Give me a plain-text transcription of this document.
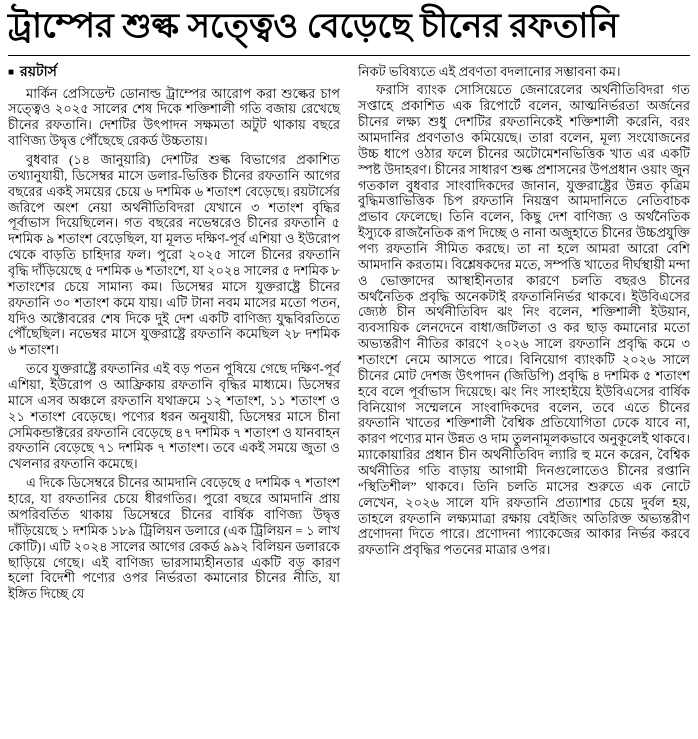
ট্রাম্পের শুল্ক সত্ত্বেও বেড়েছে চীনের রফতানি
■ রয়টার্স

মার্কিন প্রেসিডেন্ট ডোনাল্ড ট্রাম্পের আরোপ করা শুল্কের চাপ সত্ত্বেও ২০২৫ সালের শেষ দিকে শক্তিশালী গতি বজায় রেখেছে চীনের রফতানি। দেশটির উৎপাদন সক্ষমতা অটুট থাকায় বছরে বাণিজ্য উদ্বৃত্ত পৌঁছেছে রেকর্ড উচ্চতায়।

বুধবার (১৪ জানুয়ারি) দেশটির শুল্ক বিভাগের প্রকাশিত তথ্যানুযায়ী, ডিসেম্বর মাসে ডলার-ভিত্তিক চীনের রফতানি আগের বছরের একই সময়ের চেয়ে ৬ দশমিক ৬ শতাংশ বেড়েছে। রয়টার্সের জরিপে অংশ নেয়া অর্থনীতিবিদরা যেখানে ৩ শতাংশ বৃদ্ধির পূর্বাভাস দিয়েছিলেন। গত বছরের নভেম্বরেও চীনের রফতানি ৫ দশমিক ৯ শতাংশ বেড়েছিল, যা মূলত দক্ষিণ-পূর্ব এশিয়া ও ইউরোপ থেকে বাড়তি চাহিদার ফল। পুরো ২০২৫ সালে চীনের রফতানি বৃদ্ধি দাঁড়িয়েছে ৫ দশমিক ৬ শতাংশে, যা ২০২৪ সালের ৫ দশমিক ৮ শতাংশের চেয়ে সামান্য কম। ডিসেম্বর মাসে যুক্তরাষ্ট্রে চীনের রফতানি ৩০ শতাংশ কমে যায়। এটি টানা নবম মাসের মতো পতন, যদিও অক্টোবরের শেষ দিকে দুই দেশ একটি বাণিজ্য যুদ্ধবিরতিতে পৌঁছেছিল। নভেম্বর মাসে যুক্তরাষ্ট্রে রফতানি কমেছিল ২৮ দশমিক ৬ শতাংশ।

তবে যুক্তরাষ্ট্রে রফতানির এই বড় পতন পুষিয়ে গেছে দক্ষিণ-পূর্ব এশিয়া, ইউরোপ ও আফ্রিকায় রফতানি বৃদ্ধির মাধ্যমে। ডিসেম্বর মাসে এসব অঞ্চলে রফতানি যথাক্রমে ১২ শতাংশ, ১১ শতাংশ ও ২১ শতাংশ বেড়েছে। পণ্যের ধরন অনুযায়ী, ডিসেম্বর মাসে চীনা সেমিকন্ডাক্টরের রফতানি বেড়েছে ৪৭ দশমিক ৭ শতাংশ ও যানবাহন রফতানি বেড়েছে ৭১ দশমিক ৭ শতাংশ। তবে একই সময়ে জুতা ও খেলনার রফতানি কমেছে।

এ দিকে ডিসেম্বরে চীনের আমদানি বেড়েছে ৫ দশমিক ৭ শতাংশ হারে, যা রফতানির চেয়ে ধীরগতির। পুরো বছরে আমদানি প্রায় অপরিবর্তিত থাকায় ডিসেম্বরে চীনের বার্ষিক বাণিজ্য উদ্বৃত্ত দাঁড়িয়েছে ১ দশমিক ১৮৯ ট্রিলিয়ন ডলারে (এক ট্রিলিয়ন = ১ লাখ কোটি)। এটি ২০২৪ সালের আগের রেকর্ড ৯৯২ বিলিয়ন ডলারকে ছাড়িয়ে গেছে। এই বাণিজ্য ভারসাম্যহীনতার একটি বড় কারণ হলো বিদেশী পণ্যের ওপর নির্ভরতা কমানোর চীনের নীতি, যা ইঙ্গিত দিচ্ছে যে

নিকট ভবিষ্যতে এই প্রবণতা বদলানোর সম্ভাবনা কম।

ফরাসি ব্যাংক সোসিয়েতে জেনারেলের অর্থনীতিবিদরা গত সপ্তাহে প্রকাশিত এক রিপোর্টে বলেন, আত্মনির্ভরতা অর্জনের চীনের লক্ষ্য শুধু দেশটির রফতানিকেই শক্তিশালী করেনি, বরং আমদানির প্রবণতাও কমিয়েছে। তারা বলেন, মূল্য সংযোজনের উচ্চ ধাপে ওঠার ফলে চীনের অটোমেশনভিত্তিক খাত এর একটি স্পষ্ট উদাহরণ। চীনের সাধারণ শুল্ক প্রশাসনের উপপ্রধান ওয়াং জুন গতকাল বুধবার সাংবাদিকদের জানান, যুক্তরাষ্ট্রের উন্নত কৃত্রিম বুদ্ধিমত্তাভিত্তিক চিপ রফতানি নিয়ন্ত্রণ আমদানিতে নেতিবাচক প্রভাব ফেলেছে। তিনি বলেন, কিছু দেশ বাণিজ্য ও অর্থনৈতিক ইস্যুকে রাজনৈতিক রূপ দিচ্ছে ও নানা অজুহাতে চীনের উচ্চপ্রযুক্তি পণ্য রফতানি সীমিত করছে। তা না হলে আমরা আরো বেশি আমদানি করতাম। বিশ্লেষকদের মতে, সম্পত্তি খাতের দীর্ঘস্থায়ী মন্দা ও ভোক্তাদের আস্থাহীনতার কারণে চলতি বছরও চীনের অর্থনৈতিক প্রবৃদ্ধি অনেকটাই রফতানিনির্ভর থাকবে। ইউবিএসের জ্যেষ্ঠ চীন অর্থনীতিবিদ ঝং নিং বলেন, শক্তিশালী ইউয়ান, ব্যবসায়িক লেনদেনে বাধা/জটিলতা ও কর ছাড় কমানোর মতো অভ্যন্তরীণ নীতির কারণে ২০২৬ সালে রফতানি প্রবৃদ্ধি কমে ৩ শতাংশে নেমে আসতে পারে। বিনিয়োগ ব্যাংকটি ২০২৬ সালে চীনের মোট দেশজ উৎপাদন (জিডিপি) প্রবৃদ্ধি ৪ দশমিক ৫ শতাংশ হবে বলে পূর্বাভাস দিয়েছে। ঝং নিং সাংহাইয়ে ইউবিএসের বার্ষিক বিনিয়োগ সম্মেলনে সাংবাদিকদের বলেন, তবে এতে চীনের রফতানি খাতের শক্তিশালী বৈশ্বিক প্রতিযোগিতা ঢেকে যাবে না, কারণ পণ্যের মান উন্নত ও দাম তুলনামূলকভাবে অনুকূলেই থাকবে। ম্যাকোয়ারির প্রধান চীন অর্থনীতিবিদ ল্যারি হু মনে করেন, বৈশ্বিক অর্থনীতির গতি বাড়ায় আগামী দিনগুলোতেও চীনের রপ্তানি “স্থিতিশীল” থাকবে। তিনি চলতি মাসের শুরুতে এক নোটে লেখেন, ২০২৬ সালে যদি রফতানি প্রত্যাশার চেয়ে দুর্বল হয়, তাহলে রফতানি লক্ষ্যমাত্রা রক্ষায় বেইজিং অতিরিক্ত অভ্যন্তরীণ প্রণোদনা দিতে পারে। প্রণোদনা প্যাকেজের আকার নির্ভর করবে রফতানি প্রবৃদ্ধির পতনের মাত্রার ওপর।
